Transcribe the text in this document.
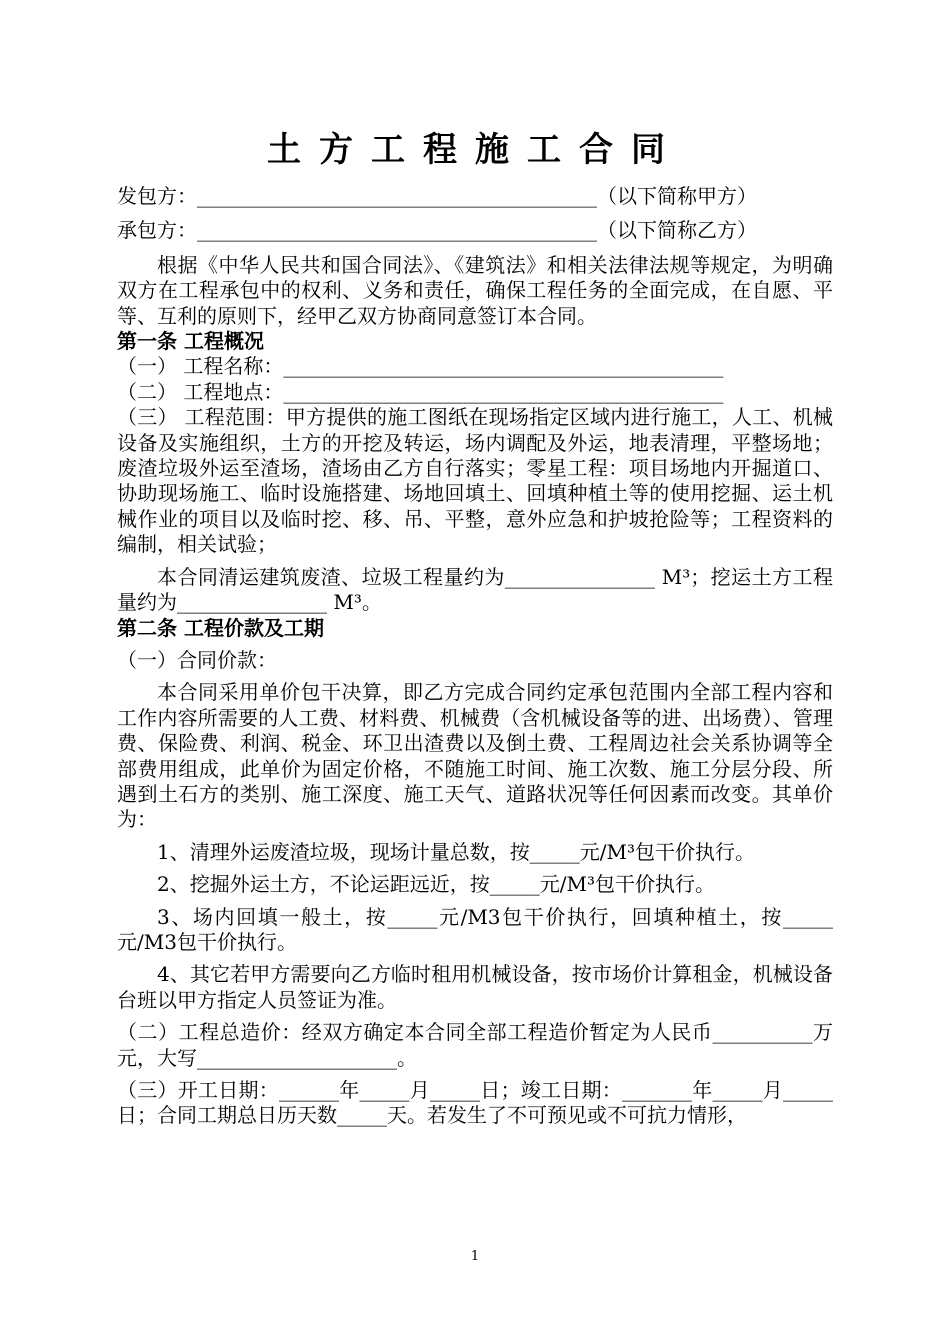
土方工程施工合同

发包方：________________________________________（以下简称甲方）

承包方：________________________________________（以下简称乙方）

根据《中华人民共和国合同法》、《建筑法》和相关法律法规等规定，为明确双方在工程承包中的权利、义务和责任，确保工程任务的全面完成，在自愿、平等、互利的原则下，经甲乙双方协商同意签订本合同。

第一条 工程概况

（一） 工程名称：____________________________________________

（二） 工程地点：____________________________________________

（三） 工程范围：甲方提供的施工图纸在现场指定区域内进行施工，人工、机械设备及实施组织，土方的开挖及转运，场内调配及外运，地表清理，平整场地；废渣垃圾外运至渣场，渣场由乙方自行落实；零星工程：项目场地内开掘道口、协助现场施工、临时设施搭建、场地回填土、回填种植土等的使用挖掘、运土机械作业的项目以及临时挖、移、吊、平整，意外应急和护坡抢险等；工程资料的编制，相关试验；

本合同清运建筑废渣、垃圾工程量约为_______________ M³；挖运土方工程量约为_______________ M³。

第二条 工程价款及工期

（一）合同价款：

本合同采用单价包干决算，即乙方完成合同约定承包范围内全部工程内容和工作内容所需要的人工费、材料费、机械费（含机械设备等的进、出场费）、管理费、保险费、利润、税金、环卫出渣费以及倒土费、工程周边社会关系协调等全部费用组成，此单价为固定价格，不随施工时间、施工次数、施工分层分段、所遇到土石方的类别、施工深度、施工天气、道路状况等任何因素而改变。其单价为：

1、清理外运废渣垃圾，现场计量总数，按_____元/M³包干价执行。

2、挖掘外运土方，不论运距远近，按_____元/M³包干价执行。

3、场内回填一般土，按_____元/M3包干价执行，回填种植土，按_____元/M3包干价执行。

4、其它若甲方需要向乙方临时租用机械设备，按市场价计算租金，机械设备台班以甲方指定人员签证为准。

（二）工程总造价：经双方确定本合同全部工程造价暂定为人民币__________万元，大写____________________。

（三）开工日期：______年_____月_____日；竣工日期：_______年_____月_____日；合同工期总日历天数_____天。若发生了不可预见或不可抗力情形，

1
